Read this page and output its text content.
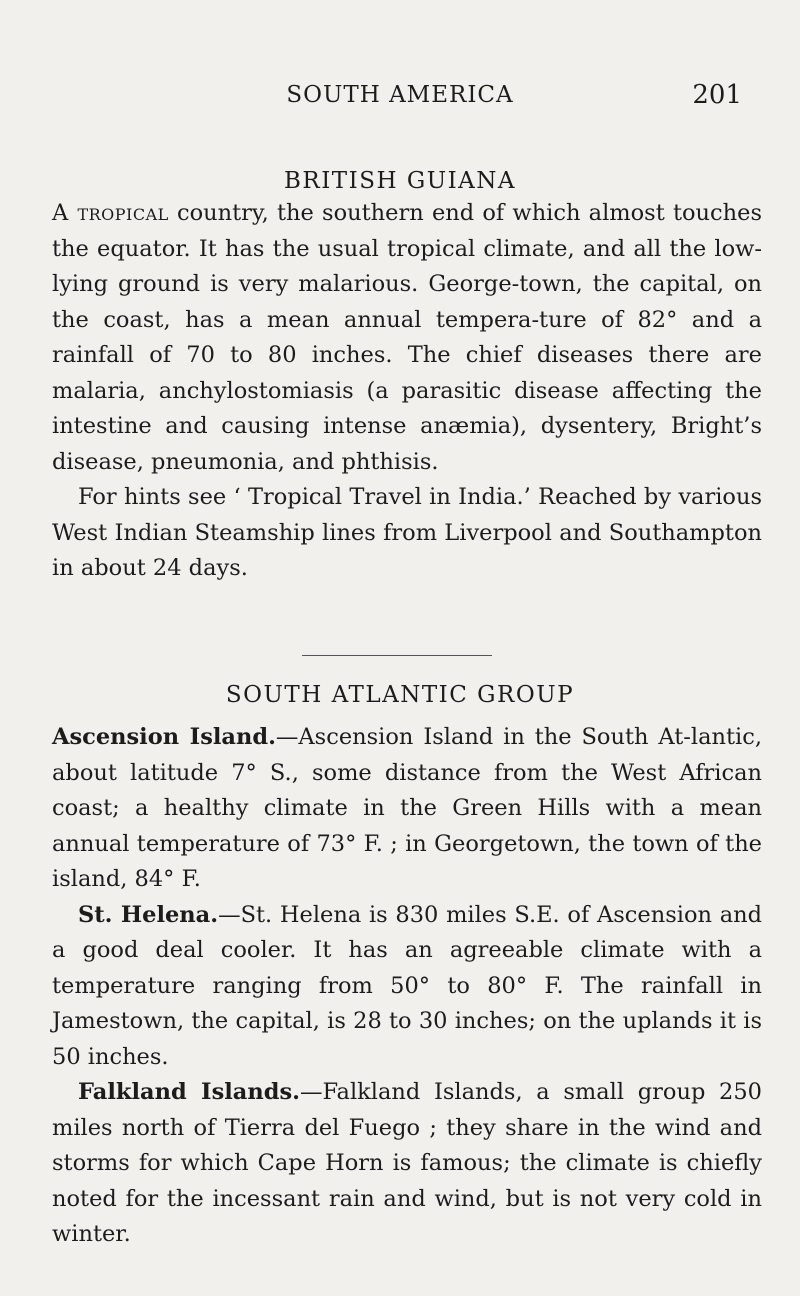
SOUTH AMERICA	201
BRITISH GUIANA

A tropical country, the southern end of which almost touches the equator. It has the usual tropical climate, and all the low-lying ground is very malarious. George-town, the capital, on the coast, has a mean annual tempera-ture of 82° and a rainfall of 70 to 80 inches. The chief diseases there are malaria, anchylostomiasis (a parasitic disease affecting the intestine and causing intense anæmia), dysentery, Bright’s disease, pneumonia, and phthisis.

For hints see ‘ Tropical Travel in India.’ Reached by various West Indian Steamship lines from Liverpool and Southampton in about 24 days.

SOUTH ATLANTIC GROUP

Ascension Island.—Ascension Island in the South At-lantic, about latitude 7° S., some distance from the West African coast; a healthy climate in the Green Hills with a mean annual temperature of 73° F. ; in Georgetown, the town of the island, 84° F.

St. Helena.—St. Helena is 830 miles S.E. of Ascension and a good deal cooler. It has an agreeable climate with a temperature ranging from 50° to 80° F. The rainfall in Jamestown, the capital, is 28 to 30 inches; on the uplands it is 50 inches.

Falkland Islands.—Falkland Islands, a small group 250 miles north of Tierra del Fuego ; they share in the wind and storms for which Cape Horn is famous; the climate is chiefly noted for the incessant rain and wind, but is not very cold in winter.
